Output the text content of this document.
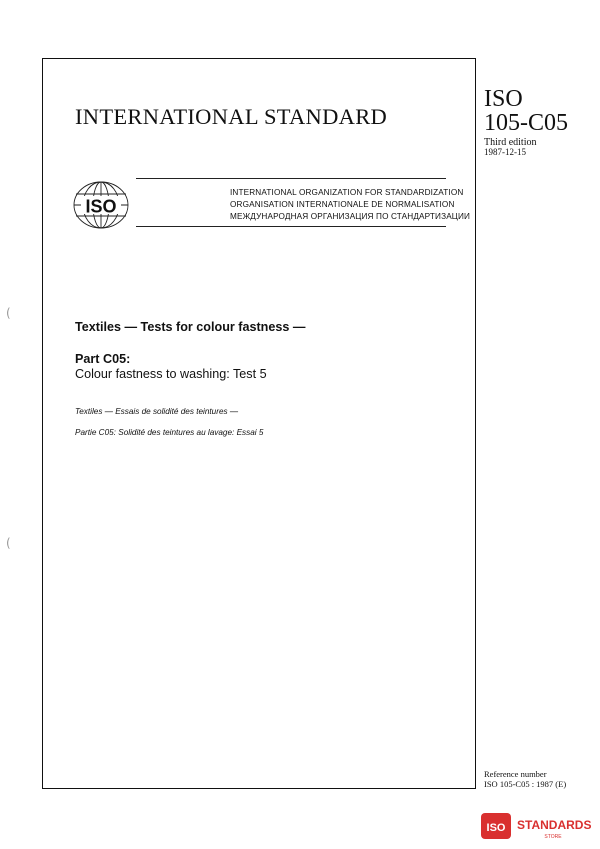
INTERNATIONAL STANDARD
ISO
105-C05
Third edition
1987-12-15
ISO
INTERNATIONAL ORGANIZATION FOR STANDARDIZATION
ORGANISATION INTERNATIONALE DE NORMALISATION
МЕЖДУНАРОДНАЯ ОРГАНИЗАЦИЯ ПО СТАНДАРТИЗАЦИИ
Textiles — Tests for colour fastness —
Part C05:
Colour fastness to washing: Test 5
Textiles — Essais de solidité des teintures —
Partie C05: Solidité des teintures au lavage: Essai 5
Reference number
ISO 105-C05 : 1987 (E)
(
(
ISO STANDARDS
STORE
